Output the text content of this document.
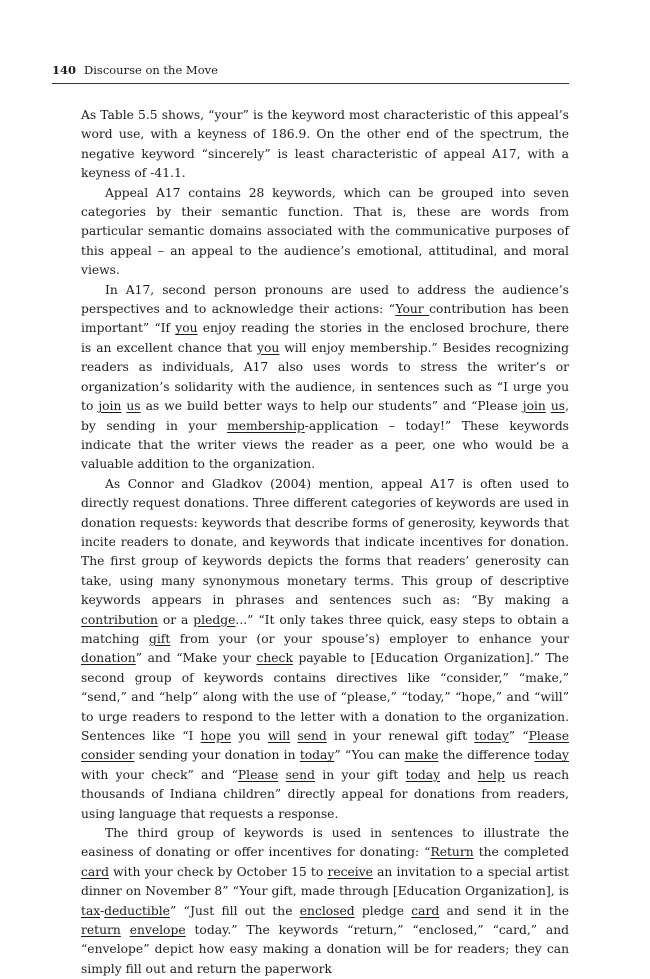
140 Discourse on the Move

As Table 5.5 shows, “your” is the keyword most characteristic of this appeal’s word use, with a keyness of 186.9. On the other end of the spectrum, the negative keyword “sincerely” is least characteristic of appeal A17, with a keyness of -41.1.

Appeal A17 contains 28 keywords, which can be grouped into seven categories by their semantic function. That is, these are words from particular semantic domains associated with the communicative purposes of this appeal – an appeal to the audience’s emotional, attitudinal, and moral views.

In A17, second person pronouns are used to address the audience’s perspectives and to acknowledge their actions: “Your contribution has been important” “If you enjoy reading the stories in the enclosed brochure, there is an excellent chance that you will enjoy membership.” Besides recognizing readers as individuals, A17 also uses words to stress the writer’s or organization’s solidarity with the audience, in sentences such as “I urge you to join us as we build better ways to help our students” and “Please join us, by sending in your membership-application – today!” These keywords indicate that the writer views the reader as a peer, one who would be a valuable addition to the organization.

As Connor and Gladkov (2004) mention, appeal A17 is often used to directly request donations. Three different categories of keywords are used in donation requests: keywords that describe forms of generosity, keywords that incite readers to donate, and keywords that indicate incentives for donation. The first group of keywords depicts the forms that readers’ generosity can take, using many synonymous monetary terms. This group of descriptive keywords appears in phrases and sentences such as: “By making a contribution or a pledge...” “It only takes three quick, easy steps to obtain a matching gift from your (or your spouse’s) employer to enhance your donation” and “Make your check payable to [Education Organization].” The second group of keywords contains directives like “consider,” “make,” “send,” and “help” along with the use of “please,” “today,” “hope,” and “will” to urge readers to respond to the letter with a donation to the organization. Sentences like “I hope you will send in your renewal gift today” “Please consider sending your donation in today” “You can make the difference today with your check” and “Please send in your gift today and help us reach thousands of Indiana children” directly appeal for donations from readers, using language that requests a response.

The third group of keywords is used in sentences to illustrate the easiness of donating or offer incentives for donating: “Return the completed card with your check by October 15 to receive an invitation to a special artist dinner on November 8” “Your gift, made through [Education Organization], is tax-deductible” “Just fill out the enclosed pledge card and send it in the return envelope today.” The keywords “return,” “enclosed,” “card,” and “envelope” depict how easy making a donation will be for readers; they can simply fill out and return the paperwork
